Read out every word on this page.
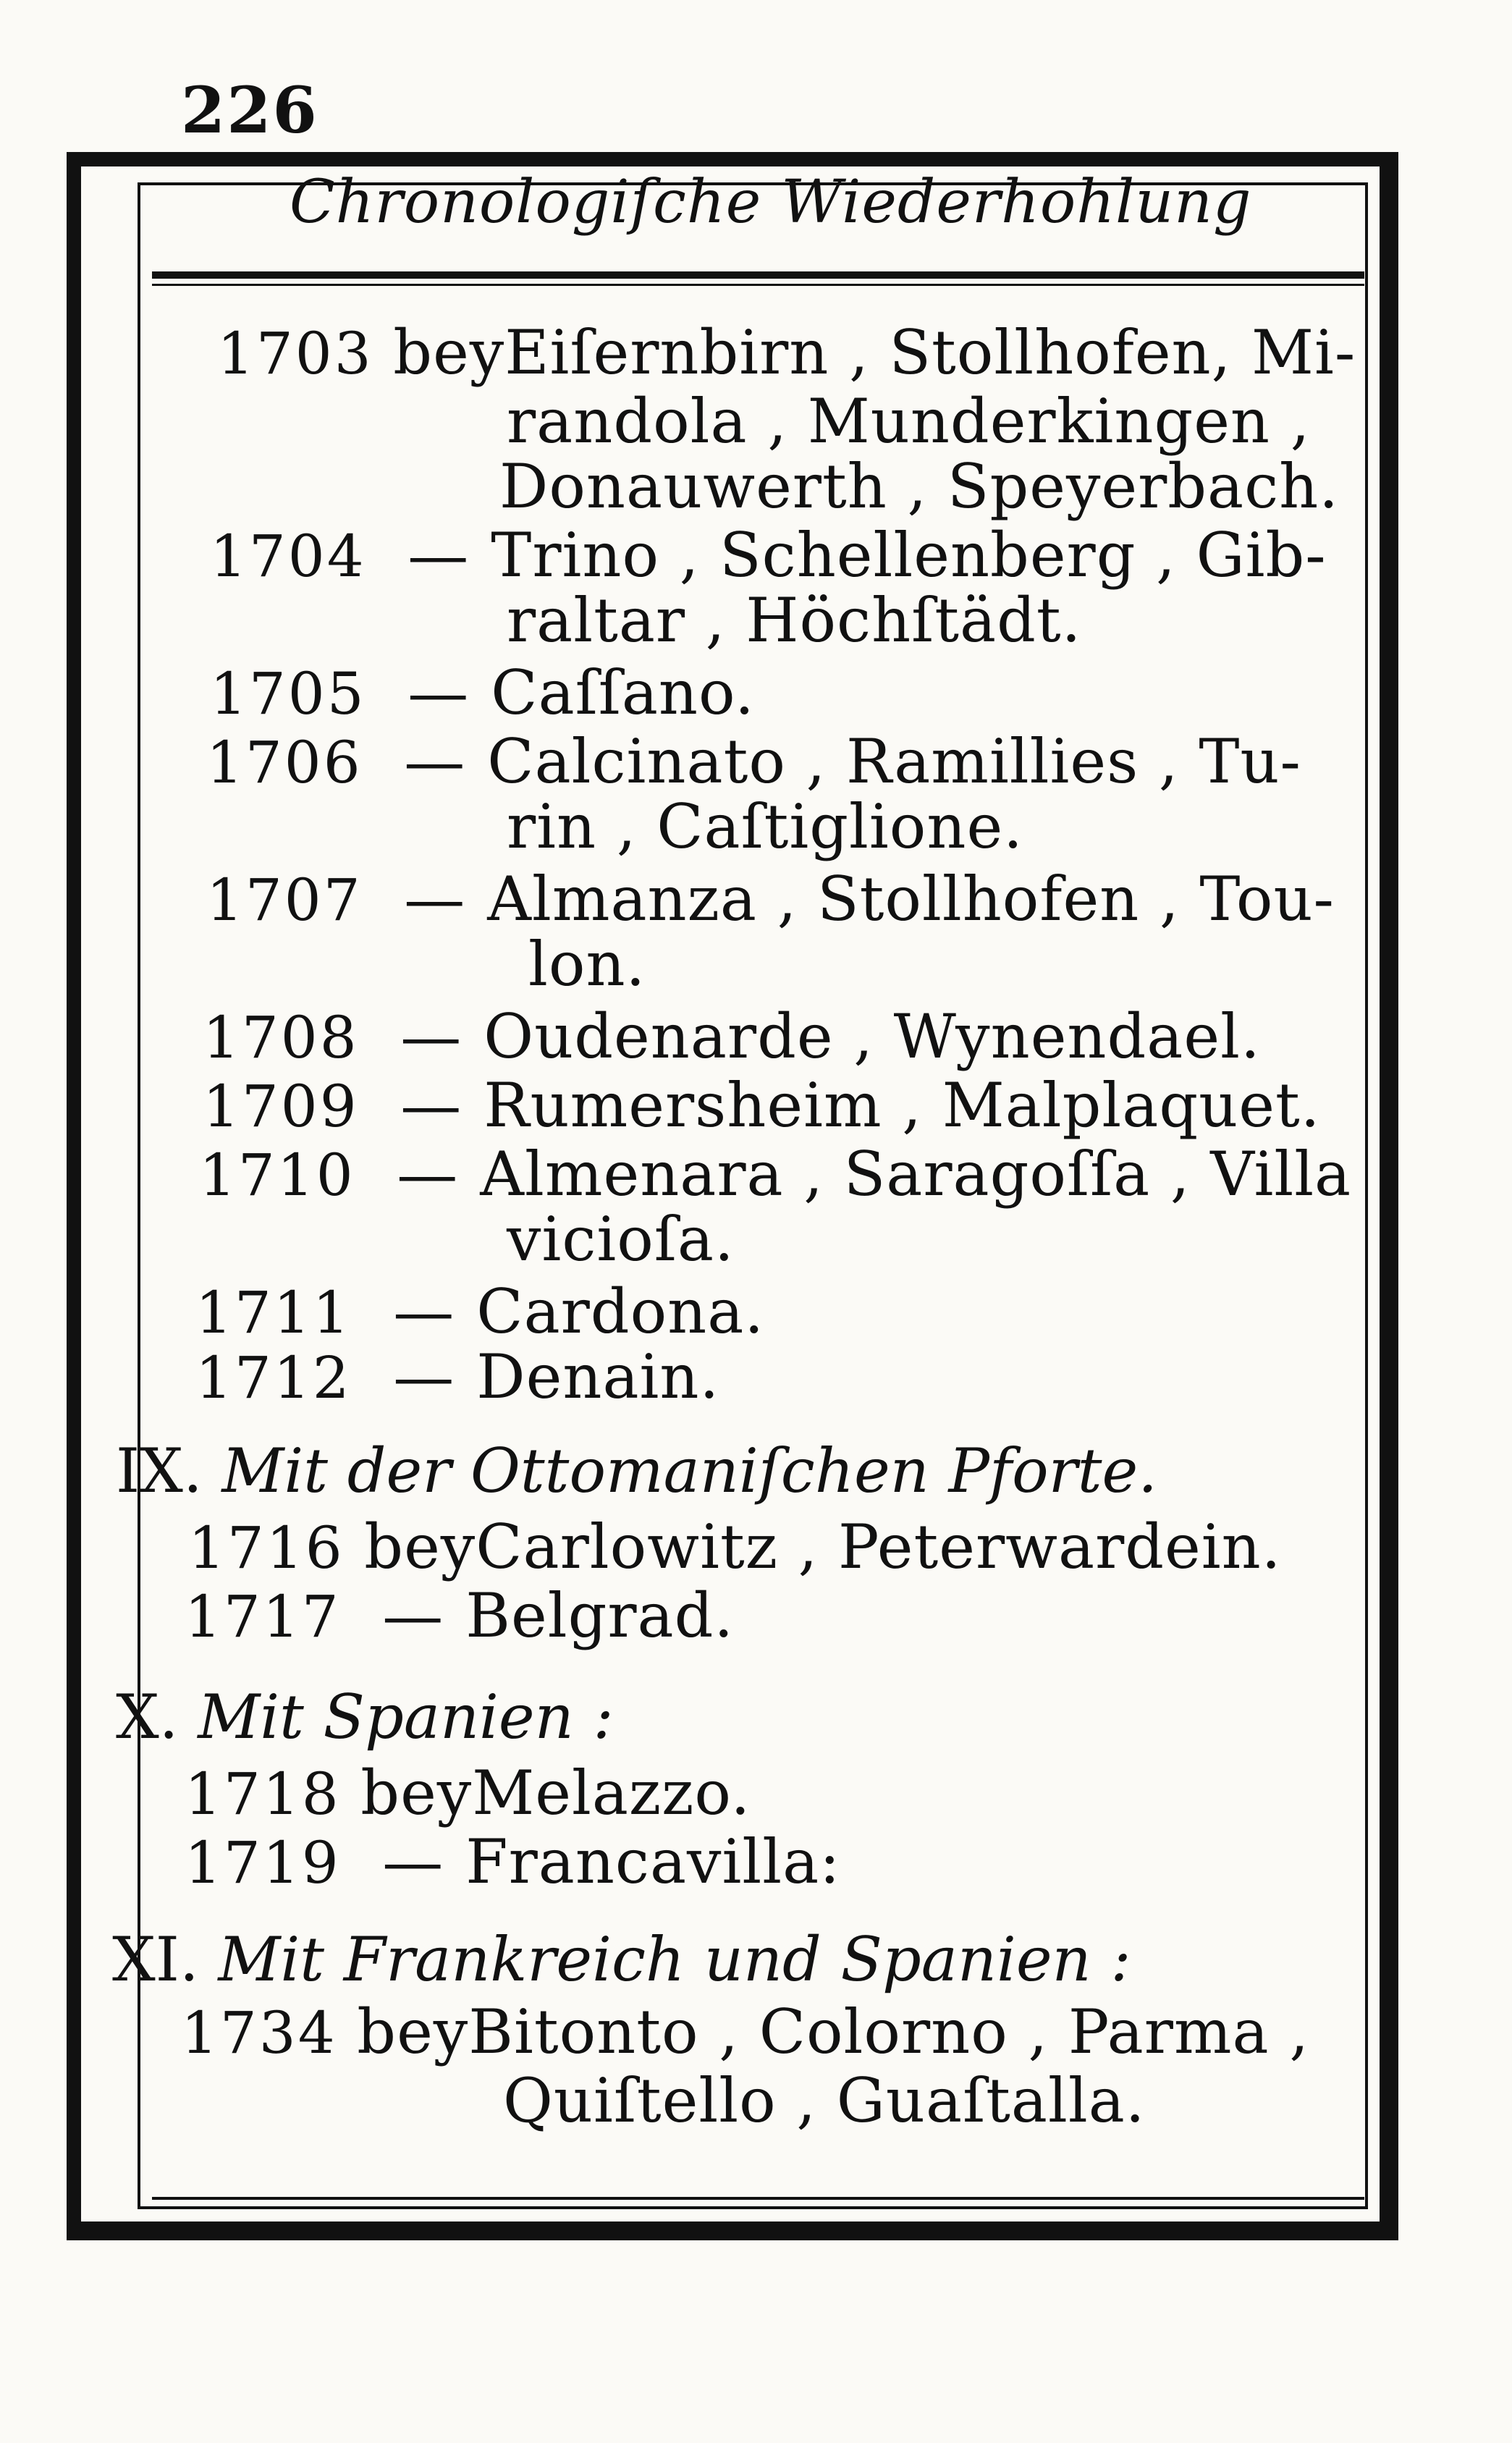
226
Chronologiſche Wiederhohlung
1703 beyEiſernbirn , Stollhofen, Mi-
randola , Munderkingen ,
Donauwerth , Speyerbach.
1704 — Trino , Schellenberg , Gib-
raltar , Höchſtädt.
1705 — Caſſano.
1706 — Calcinato , Ramillies , Tu-
rin , Caſtiglione.
1707 — Almanza , Stollhofen , Tou-
lon.
1708 — Oudenarde , Wynendael.
1709 — Rumersheim , Malplaquet.
1710 — Almenara , Saragoſſa , Villa
vicioſa.
1711 — Cardona.
1712 — Denain.
IX. Mit der Ottomaniſchen Pforte.
1716 beyCarlowitz , Peterwardein.
1717 — Belgrad.
X. Mit Spanien :
1718 beyMelazzo.
1719 — Francavilla:
XI. Mit Frankreich und Spanien :
1734 beyBitonto , Colorno , Parma ,
Quiſtello , Guaſtalla.
